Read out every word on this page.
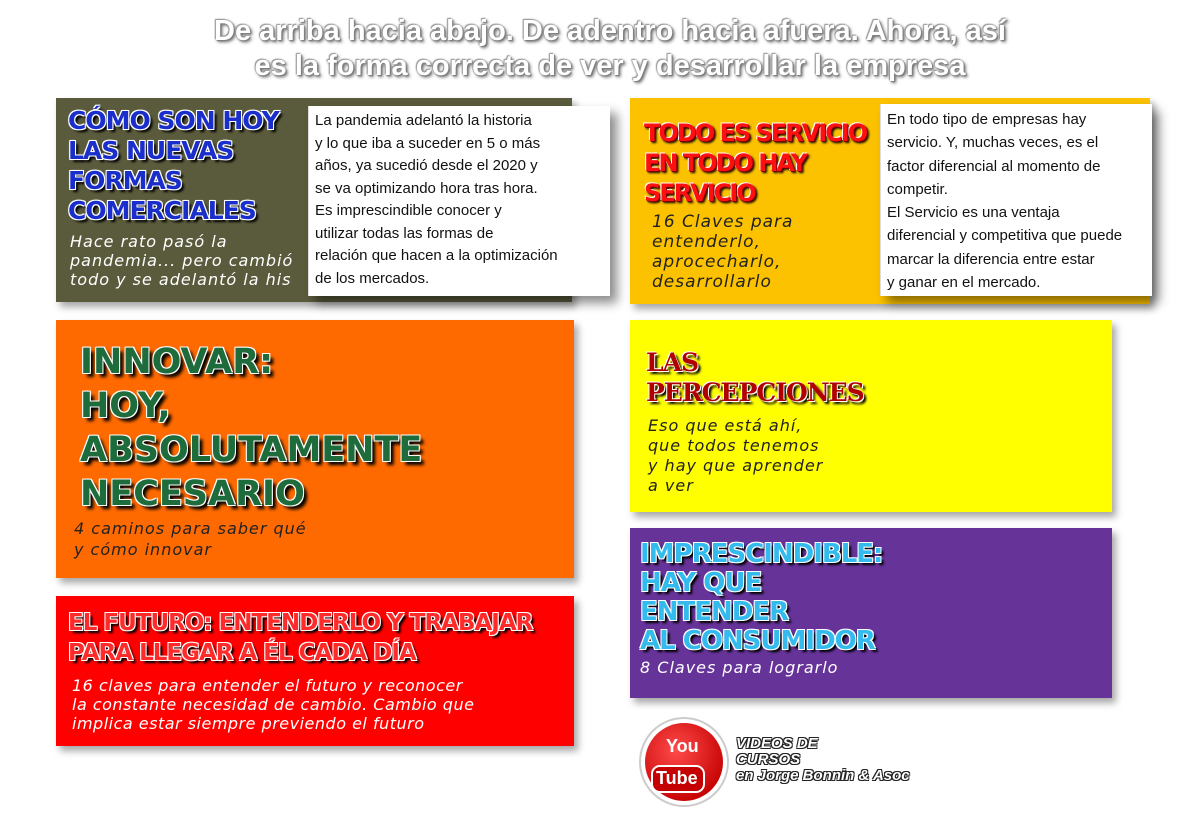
De arriba hacia abajo. De adentro hacia afuera. Ahora, así
es la forma correcta de ver y desarrollar la empresa
CÓMO SON HOY
LAS NUEVAS
FORMAS
COMERCIALES
Hace rato pasó la
pandemia... pero cambió
todo y se adelantó la his
La pandemia adelantó la historia
y lo que iba a suceder en 5 o más
años, ya sucedió desde el 2020 y
se va optimizando hora tras hora.
Es imprescindible conocer y
utilizar todas las formas de
relación que hacen a la optimización
de los mercados.
TODO ES SERVICIO
EN TODO HAY
SERVICIO
16 Claves para
entenderlo,
aprocecharlo,
desarrollarlo
En todo tipo de empresas hay
servicio. Y, muchas veces, es el
factor diferencial al momento de
competir.
El Servicio es una ventaja
diferencial y competitiva que puede
marcar la diferencia entre estar
y ganar en el mercado.
INNOVAR:
HOY,
ABSOLUTAMENTE
NECESARIO
4 caminos para saber qué
y cómo innovar
LAS
PERCEPCIONES
Eso que está ahí,
que todos tenemos
y hay que aprender
a ver
IMPRESCINDIBLE:
HAY QUE
ENTENDER
AL CONSUMIDOR
8 Claves para lograrlo
EL FUTURO: ENTENDERLO Y TRABAJAR
PARA LLEGAR A ÉL CADA DÍA
16 claves para entender el futuro y reconocer
la constante necesidad de cambio. Cambio que
implica estar siempre previendo el futuro
You
Tube
VIDEOS DE
CURSOS
en Jorge Bonnin & Asoc
